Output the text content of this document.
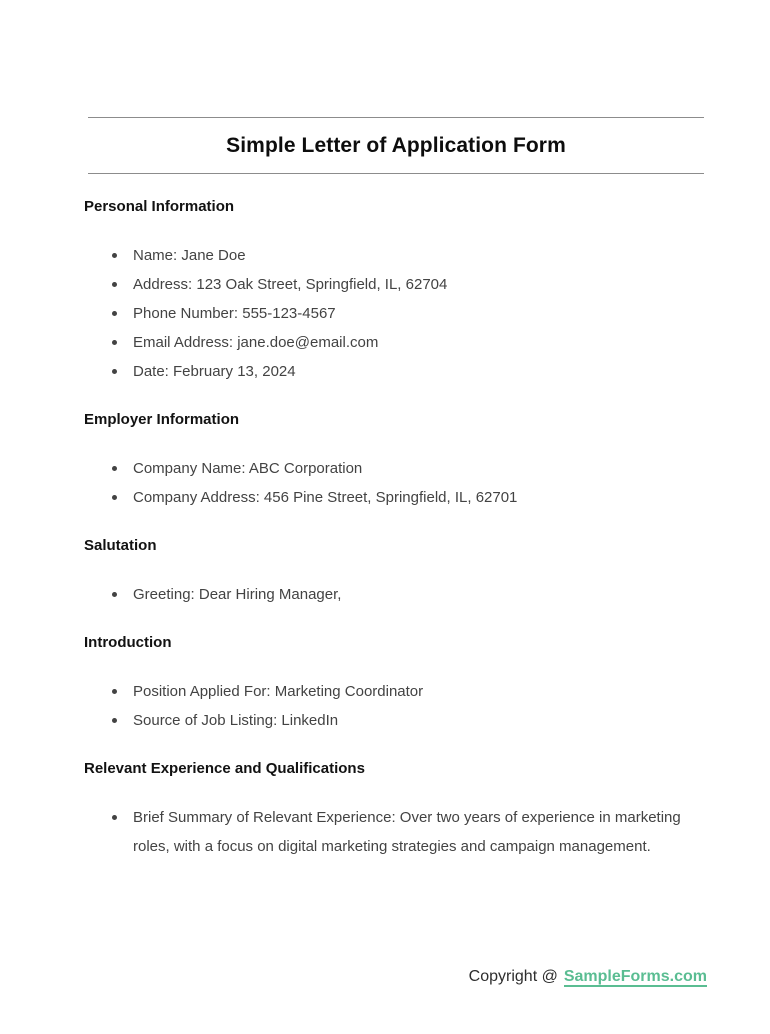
Simple Letter of Application Form
Personal Information
Name: Jane Doe
Address: 123 Oak Street, Springfield, IL, 62704
Phone Number: 555-123-4567
Email Address: jane.doe@email.com
Date: February 13, 2024
Employer Information
Company Name: ABC Corporation
Company Address: 456 Pine Street, Springfield, IL, 62701
Salutation
Greeting: Dear Hiring Manager,
Introduction
Position Applied For: Marketing Coordinator
Source of Job Listing: LinkedIn
Relevant Experience and Qualifications
Brief Summary of Relevant Experience: Over two years of experience in marketing roles, with a focus on digital marketing strategies and campaign management.
Copyright @ SampleForms.com
